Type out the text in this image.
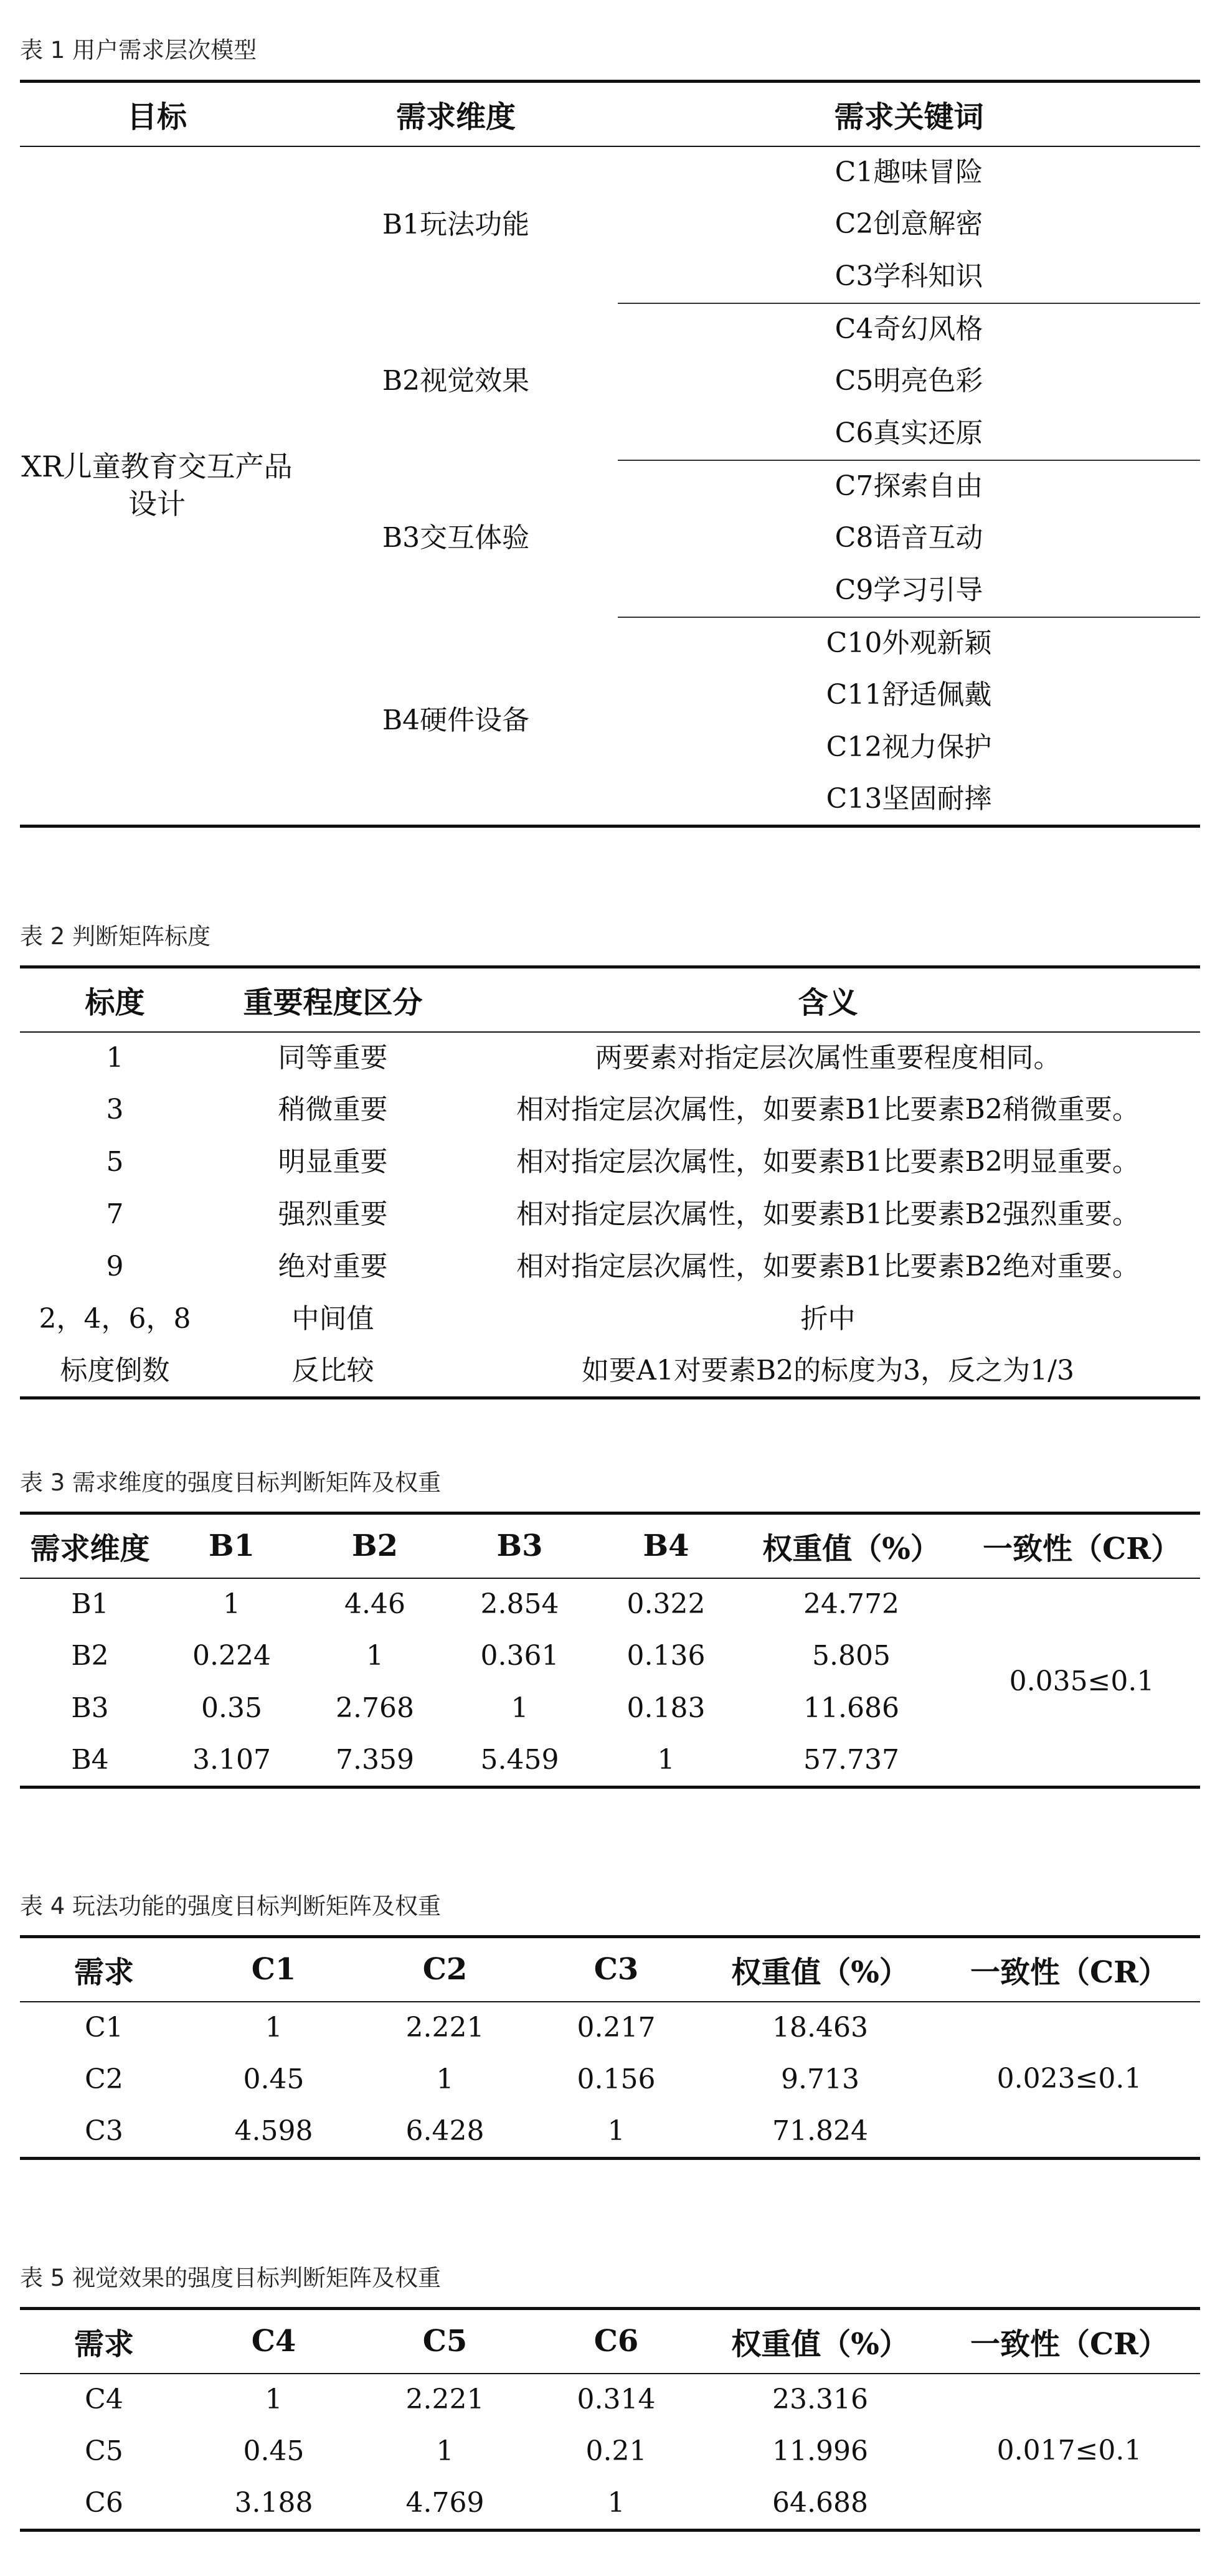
表 1 用户需求层次模型
目标	需求维度	需求关键词
XR儿童教育交互产品设计	B1玩法功能	C1趣味冒险
		C2创意解密
		C3学科知识
	B2视觉效果	C4奇幻风格
		C5明亮色彩
		C6真实还原
	B3交互体验	C7探索自由
		C8语音互动
		C9学习引导
	B4硬件设备	C10外观新颖
		C11舒适佩戴
		C12视力保护
		C13坚固耐摔
表 2 判断矩阵标度
标度	重要程度区分	含义
1	同等重要	两要素对指定层次属性重要程度相同。
3	稍微重要	相对指定层次属性，如要素B1比要素B2稍微重要。
5	明显重要	相对指定层次属性，如要素B1比要素B2明显重要。
7	强烈重要	相对指定层次属性，如要素B1比要素B2强烈重要。
9	绝对重要	相对指定层次属性，如要素B1比要素B2绝对重要。
2，4，6，8	中间值	折中
标度倒数	反比较	如要A1对要素B2的标度为3，反之为1/3
表 3 需求维度的强度目标判断矩阵及权重
需求维度	B1	B2	B3	B4	权重值（%）	一致性（CR）
B1	1	4.46	2.854	0.322	24.772	0.035≤0.1
B2	0.224	1	0.361	0.136	5.805	
B3	0.35	2.768	1	0.183	11.686	
B4	3.107	7.359	5.459	1	57.737	
表 4 玩法功能的强度目标判断矩阵及权重
需求	C1	C2	C3	权重值（%）	一致性（CR）
C1	1	2.221	0.217	18.463	0.023≤0.1
C2	0.45	1	0.156	9.713	
C3	4.598	6.428	1	71.824	
表 5 视觉效果的强度目标判断矩阵及权重
需求	C4	C5	C6	权重值（%）	一致性（CR）
C4	1	2.221	0.314	23.316	0.017≤0.1
C5	0.45	1	0.21	11.996	
C6	3.188	4.769	1	64.688	
